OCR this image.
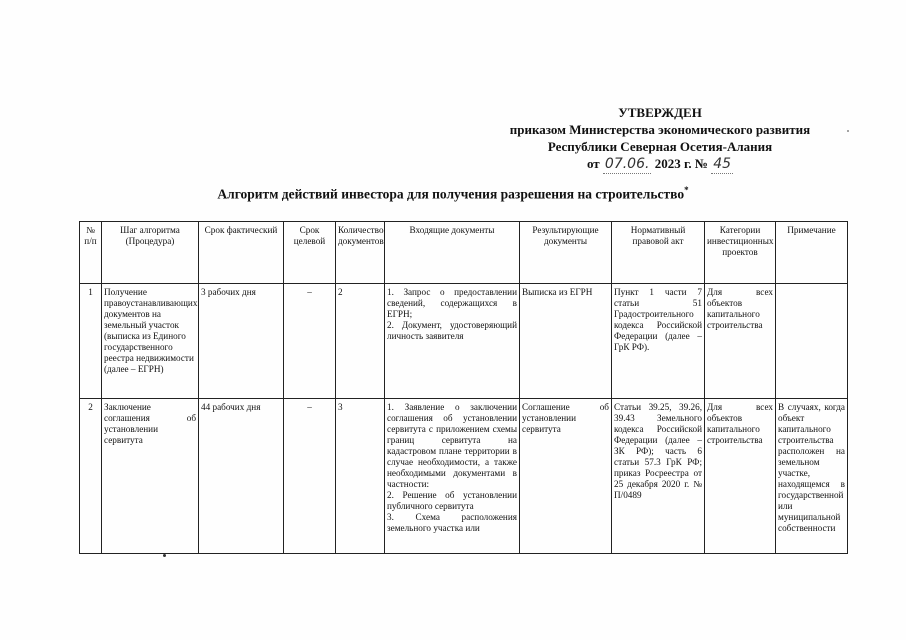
УТВЕРЖДЕН
приказом Министерства экономического развития
Республики Северная Осетия-Алания
от 07.06. 2023 г. № 45
Алгоритм действий инвестора для получения разрешения на строительство*
№ п/п	Шаг алгоритма (Процедура)	Срок фактический	Срок целевой	Количество документов	Входящие документы	Результирующие документы	Нормативный правовой акт	Категории инвестиционных проектов	Примечание
1	Получение правоустанавливающих документов на земельный участок (выписка из Единого государственного реестра недвижимости (далее – ЕГРН)	3 рабочих дня	–	2	1. Запрос о предоставлении сведений, содержащихся в ЕГРН;
2. Документ, удостоверяющий личность заявителя	Выписка из ЕГРН	Пункт 1 части 7 статьи 51 Градостроительного кодекса Российской Федерации (далее – ГрК РФ).	Для всех объектов капитального строительства	
2	Заключение соглашения об установлении сервитута	44 рабочих дня	–	3	1. Заявление о заключении соглашения об установлении сервитута с приложением схемы границ сервитута на кадастровом плане территории в случае необходимости, а также необходимыми документами в частности:
2. Решение об установлении публичного сервитута
3. Схема расположения земельного участка или	Соглашение об установлении сервитута	Статьи 39.25, 39.26, 39.43 Земельного кодекса Российской Федерации (далее – ЗК РФ); часть 6 статьи 57.3 ГрК РФ; приказ Росреестра от 25 декабря 2020 г. № П/0489	Для всех объектов капитального строительства	В случаях, когда объект капитального строительства расположен на земельном участке, находящемся в государственной или муниципальной собственности
